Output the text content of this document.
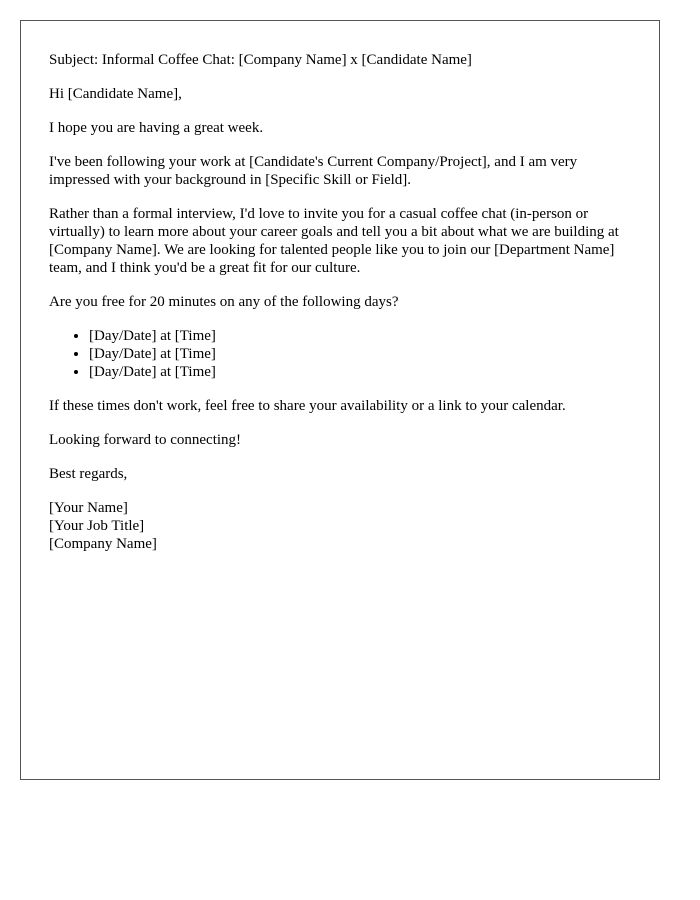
Subject: Informal Coffee Chat: [Company Name] x [Candidate Name]

Hi [Candidate Name],

I hope you are having a great week.

I've been following your work at [Candidate's Current Company/Project], and I am very impressed with your background in [Specific Skill or Field].

Rather than a formal interview, I'd love to invite you for a casual coffee chat (in-person or virtually) to learn more about your career goals and tell you a bit about what we are building at [Company Name]. We are looking for talented people like you to join our [Department Name] team, and I think you'd be a great fit for our culture.

Are you free for 20 minutes on any of the following days?

• [Day/Date] at [Time]
• [Day/Date] at [Time]
• [Day/Date] at [Time]

If these times don't work, feel free to share your availability or a link to your calendar.

Looking forward to connecting!

Best regards,

[Your Name]
[Your Job Title]
[Company Name]
